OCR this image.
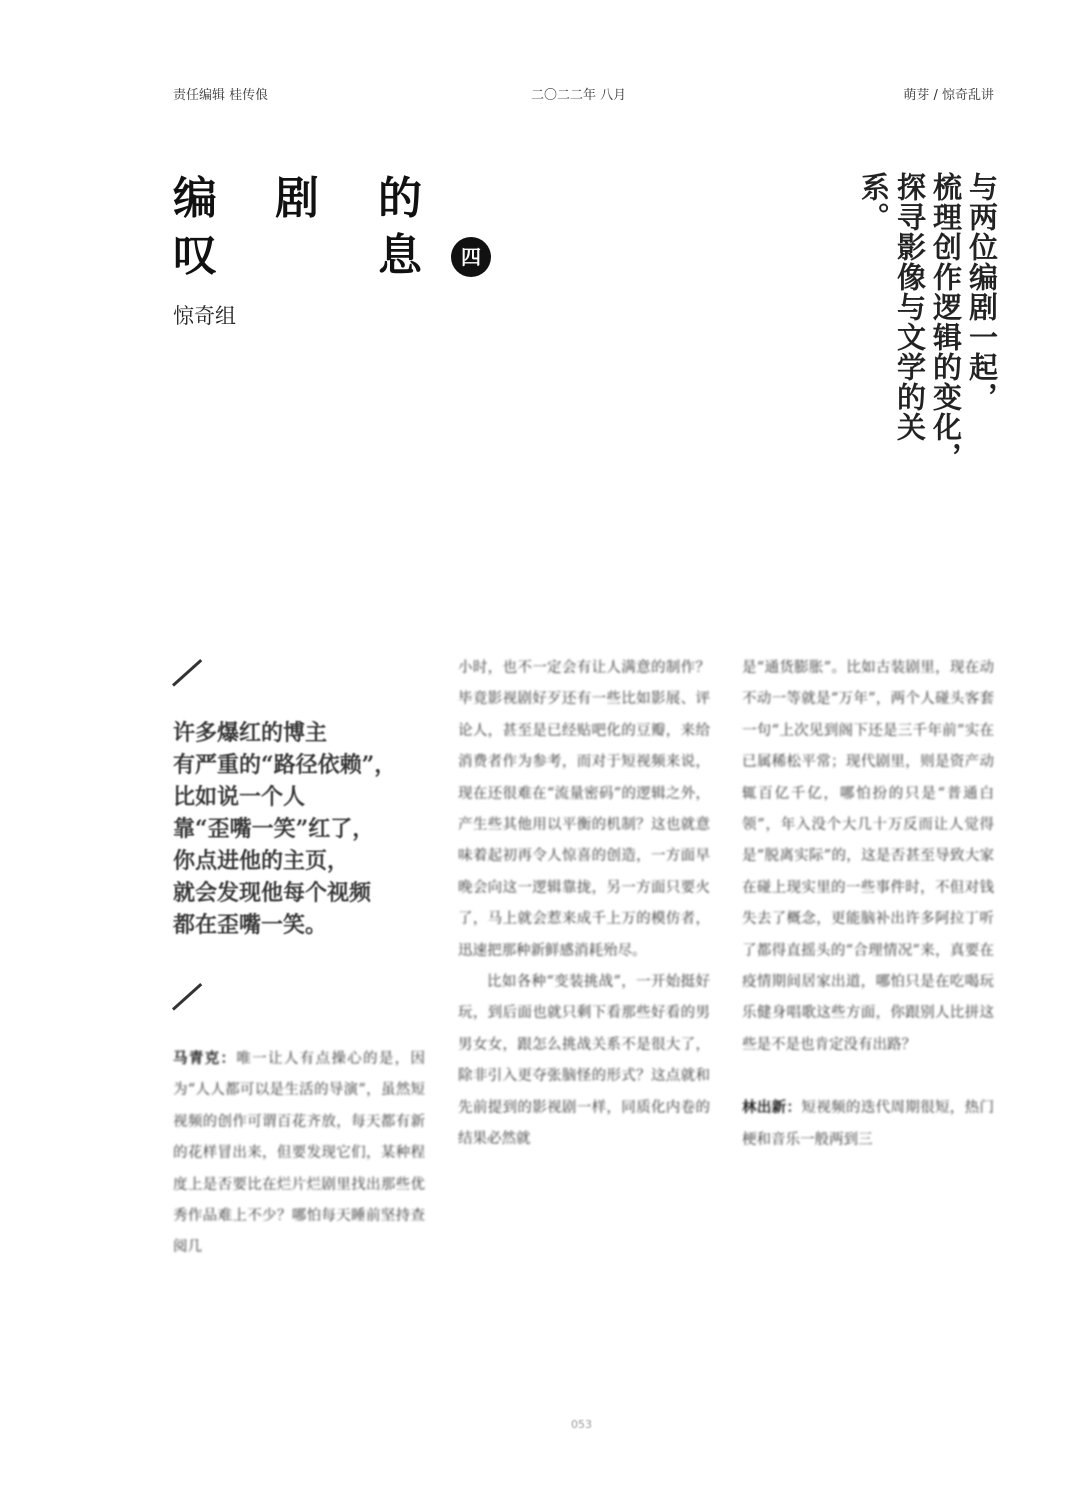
责任编辑 桂传俍	二〇二二年 八月	萌芽 / 惊奇乱讲
编 剧 的
叹	息	四
惊奇组	与两位编剧一起，
梳理创作逻辑的变化，
探寻影像与文学的关系。
许多爆红的博主
有严重的“路径依赖”，
比如说一个人
靠“歪嘴一笑”红了，
你点进他的主页，
就会发现他每个视频
都在歪嘴一笑。

马青克：唯一让人有点操心的是，因为“人人都可以是生活的导演”，虽然短视频的创作可谓百花齐放，每天都有新的花样冒出来，但要发现它们，某种程度上是否要比在烂片烂剧里找出那些优秀作品难上不少？哪怕每天睡前坚持查阅几

小时，也不一定会有让人满意的制作？毕竟影视剧好歹还有一些比如影展、评论人，甚至是已经贴吧化的豆瓣，来给消费者作为参考，而对于短视频来说，现在还很难在“流量密码”的逻辑之外，产生些其他用以平衡的机制？这也就意味着起初再令人惊喜的创造，一方面早晚会向这一逻辑靠拢，另一方面只要火了，马上就会惹来成千上万的模仿者，迅速把那种新鲜感消耗殆尽。

比如各种“变装挑战”，一开始挺好玩，到后面也就只剩下看那些好看的男男女女，跟怎么挑战关系不是很大了，除非引入更夺张脑怪的形式？这点就和先前提到的影视剧一样，同质化内卷的结果必然就

是“通货膨胀”。比如古装剧里，现在动不动一等就是“万年”，两个人碰头客套一句“上次见到阁下还是三千年前”实在已属稀松平常；现代剧里，则是资产动辄百亿千亿，哪怕扮的只是“普通白领”，年入没个大几十万反而让人觉得是“脱离实际”的，这是否甚至导致大家在碰上现实里的一些事件时，不但对钱失去了概念，更能脑补出许多阿拉丁听了都得直摇头的“合理情况”来，真要在疫情期间居家出道，哪怕只是在吃喝玩乐健身唱歌这些方面，你跟别人比拼这些是不是也肯定没有出路？

林出新：短视频的迭代周期很短，热门梗和音乐一般两到三

053
